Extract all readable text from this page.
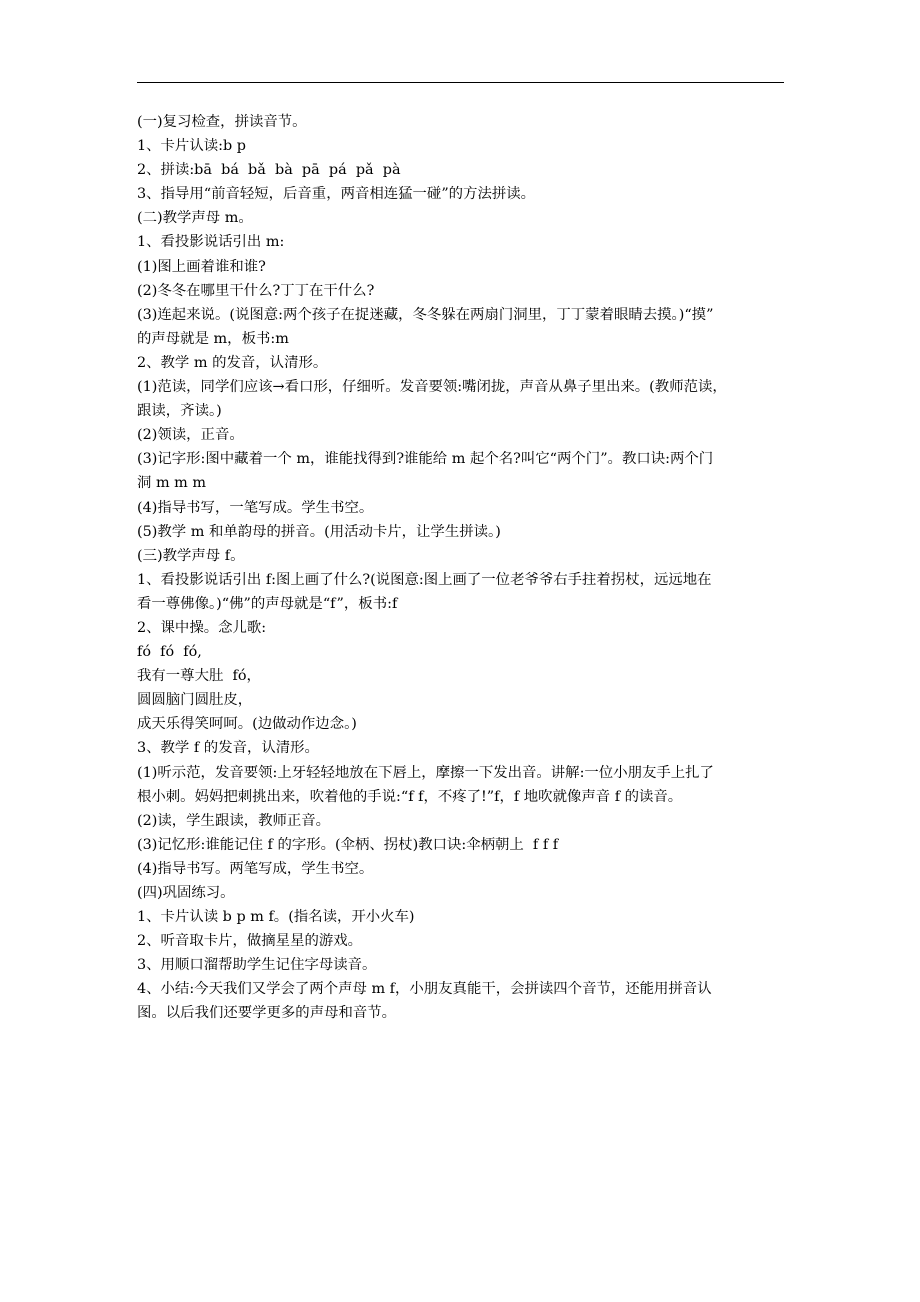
(一)复习检查，拼读音节。
1、卡片认读:b p
2、拼读:bā  bá  bǎ  bà  pā  pá  pǎ  pà
3、指导用“前音轻短，后音重，两音相连猛一碰”的方法拼读。
(二)教学声母 m。
1、看投影说话引出 m:
(1)图上画着谁和谁?
(2)冬冬在哪里干什么?丁丁在干什么?
(3)连起来说。(说图意:两个孩子在捉迷藏，冬冬躲在两扇门洞里，丁丁蒙着眼睛去摸。)“摸”
的声母就是 m，板书:m
2、教学 m 的发音，认清形。
(1)范读，同学们应该→看口形，仔细听。发音要领:嘴闭拢，声音从鼻子里出来。(教师范读，
跟读，齐读。)
(2)领读，正音。
(3)记字形:图中藏着一个 m，谁能找得到?谁能给 m 起个名?叫它“两个门”。教口诀:两个门
洞 m m m
(4)指导书写，一笔写成。学生书空。
(5)教学 m 和单韵母的拼音。(用活动卡片，让学生拼读。)
(三)教学声母 f。
1、看投影说话引出 f:图上画了什么?(说图意:图上画了一位老爷爷右手拄着拐杖，远远地在
看一尊佛像。)“佛”的声母就是“f”，板书:f
2、课中操。念儿歌:
fó  fó  fó,
我有一尊大肚  fó，
圆圆脑门圆肚皮，
成天乐得笑呵呵。(边做动作边念。)
3、教学 f 的发音，认清形。
(1)听示范，发音要领:上牙轻轻地放在下唇上，摩擦一下发出音。讲解:一位小朋友手上扎了
根小刺。妈妈把刺挑出来，吹着他的手说:“f f，不疼了!”f，f 地吹就像声音 f 的读音。
(2)读，学生跟读，教师正音。
(3)记忆形:谁能记住 f 的字形。(伞柄、拐杖)教口诀:伞柄朝上  f f f
(4)指导书写。两笔写成，学生书空。
(四)巩固练习。
1、卡片认读 b p m f。(指名读，开小火车)
2、听音取卡片，做摘星星的游戏。
3、用顺口溜帮助学生记住字母读音。
4、小结:今天我们又学会了两个声母 m f，小朋友真能干，会拼读四个音节，还能用拼音认
图。以后我们还要学更多的声母和音节。
